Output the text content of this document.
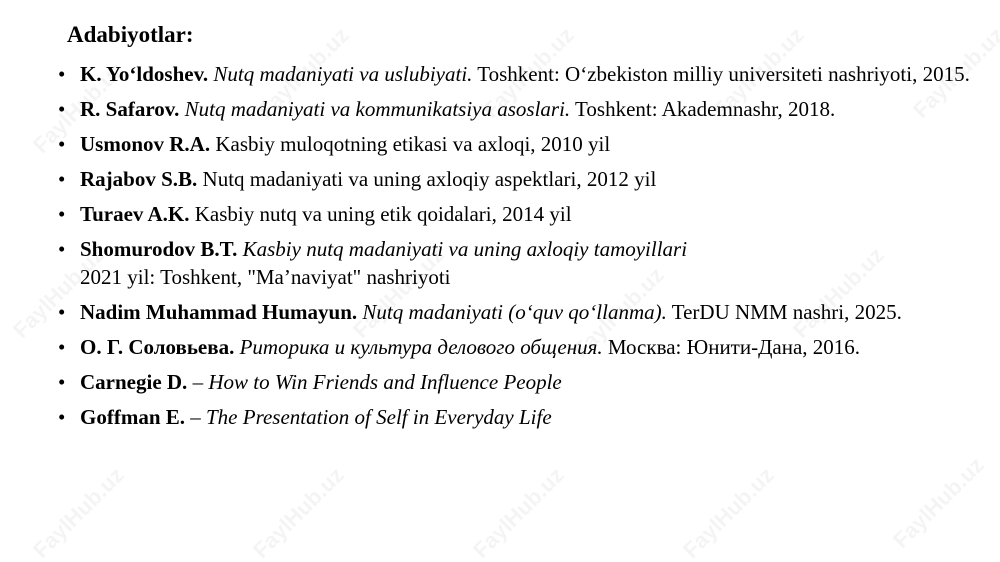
Adabiyotlar:
• K. Yo‘ldoshev. Nutq madaniyati va uslubiyati. Toshkent: O‘zbekiston milliy universiteti nashriyoti, 2015.
• R. Safarov. Nutq madaniyati va kommunikatsiya asoslari. Toshkent: Akademnashr, 2018.
• Usmonov R.A. Kasbiy muloqotning etikasi va axloqi, 2010 yil
• Rajabov S.B. Nutq madaniyati va uning axloqiy aspektlari, 2012 yil
• Turaev A.K. Kasbiy nutq va uning etik qoidalari, 2014 yil
• Shomurodov B.T. Kasbiy nutq madaniyati va uning axloqiy tamoyillari
2021 yil: Toshkent, "Ma’naviyat" nashriyoti
• Nadim Muhammad Humayun. Nutq madaniyati (o‘quv qo‘llanma). TerDU NMM nashri, 2025.
• О. Г. Соловьева. Риторика и культура делового общения. Москва: Юнити-Дана, 2016.
• Carnegie D. – How to Win Friends and Influence People
• Goffman E. – The Presentation of Self in Everyday Life
